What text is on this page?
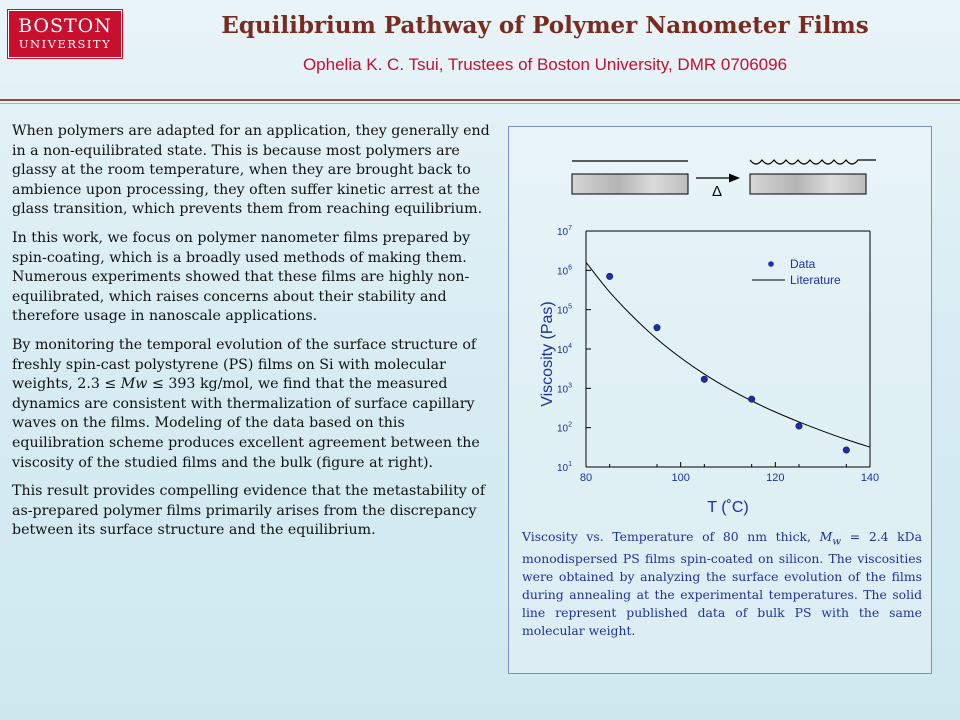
BOSTON
UNIVERSITY
Equilibrium Pathway of Polymer Nanometer Films
Ophelia K. C. Tsui, Trustees of Boston University, DMR 0706096

When polymers are adapted for an application, they generally end in a non-equilibrated state. This is because most polymers are glassy at the room temperature, when they are brought back to ambience upon processing, they often suffer kinetic arrest at the glass transition, which prevents them from reaching equilibrium.

In this work, we focus on polymer nanometer films prepared by spin-coating, which is a broadly used methods of making them. Numerous experiments showed that these films are highly non-equilibrated, which raises concerns about their stability and therefore usage in nanoscale applications.

By monitoring the temporal evolution of the surface structure of freshly spin-cast polystyrene (PS) films on Si with molecular weights, 2.3 ≤ Mw ≤ 393 kg/mol, we find that the measured dynamics are consistent with thermalization of surface capillary waves on the films. Modeling of the data based on this equilibration scheme produces excellent agreement between the viscosity of the studied films and the bulk (figure at right).

This result provides compelling evidence that the metastability of as-prepared polymer films primarily arises from the discrepancy between its surface structure and the equilibrium.

Δ
80	100	120	140
$10^1$
$10^2$
$10^3$
$10^4$
$10^5$
$10^6$
$10^7$
Data
Literature
Viscosity (Pas)
T (˚C)
Viscosity vs. Temperature of 80 nm thick, $M_w = 2.4$ kDa monodispersed PS films spin-coated on silicon. The viscosities were obtained by analyzing the surface evolution of the films during annealing at the experimental temperatures. The solid line represent published data of bulk PS with the same molecular weight.
